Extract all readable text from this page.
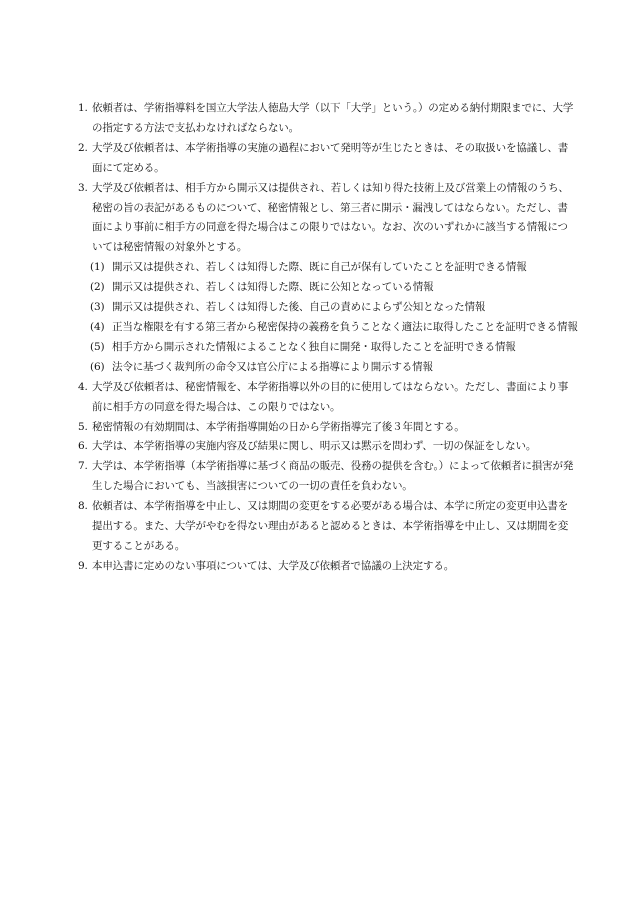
1. 依頼者は、学術指導料を国立大学法人徳島大学（以下「大学」という。）の定める納付期限までに、大学の指定する方法で支払わなければならない。
2. 大学及び依頼者は、本学術指導の実施の過程において発明等が生じたときは、その取扱いを協議し、書面にて定める。
3. 大学及び依頼者は、相手方から開示又は提供され、若しくは知り得た技術上及び営業上の情報のうち、秘密の旨の表記があるものについて、秘密情報とし、第三者に開示・漏洩してはならない。ただし、書面により事前に相手方の同意を得た場合はこの限りではない。なお、次のいずれかに該当する情報については秘密情報の対象外とする。
(1) 開示又は提供され、若しくは知得した際、既に自己が保有していたことを証明できる情報
(2) 開示又は提供され、若しくは知得した際、既に公知となっている情報
(3) 開示又は提供され、若しくは知得した後、自己の責めによらず公知となった情報
(4) 正当な権限を有する第三者から秘密保持の義務を負うことなく適法に取得したことを証明できる情報
(5) 相手方から開示された情報によることなく独自に開発・取得したことを証明できる情報
(6) 法令に基づく裁判所の命令又は官公庁による指導により開示する情報
4. 大学及び依頼者は、秘密情報を、本学術指導以外の目的に使用してはならない。ただし、書面により事前に相手方の同意を得た場合は、この限りではない。
5. 秘密情報の有効期間は、本学術指導開始の日から学術指導完了後３年間とする。
6. 大学は、本学術指導の実施内容及び結果に関し、明示又は黙示を問わず、一切の保証をしない。
7. 大学は、本学術指導（本学術指導に基づく商品の販売、役務の提供を含む。）によって依頼者に損害が発生した場合においても、当該損害についての一切の責任を負わない。
8. 依頼者は、本学術指導を中止し、又は期間の変更をする必要がある場合は、本学に所定の変更申込書を提出する。また、大学がやむを得ない理由があると認めるときは、本学術指導を中止し、又は期間を変更することがある。
9. 本申込書に定めのない事項については、大学及び依頼者で協議の上決定する。
